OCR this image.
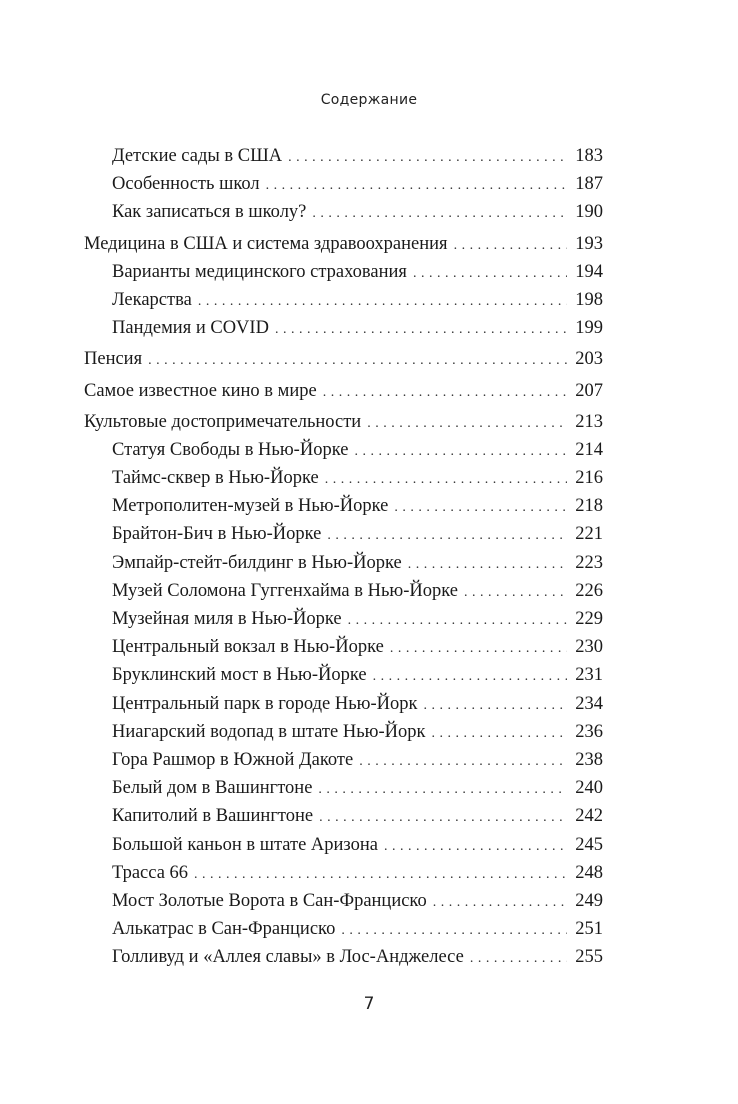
Содержание
Детские сады в США . . .	183
Особенность школ . . .	187
Как записаться в школу? . . .	190
Медицина в США и система здравоохранения . . .	193
Варианты медицинского страхования . . .	194
Лекарства . . .	198
Пандемия и COVID . . .	199
Пенсия . . .	203
Самое известное кино в мире . . .	207
Культовые достопримечательности . . .	213
Статуя Свободы в Нью-Йорке . . .	214
Таймс-сквер в Нью-Йорке . . .	216
Метрополитен-музей в Нью-Йорке . . .	218
Брайтон-Бич в Нью-Йорке . . .	221
Эмпайр-стейт-билдинг в Нью-Йорке . . .	223
Музей Соломона Гуггенхайма в Нью-Йорке . . .	226
Музейная миля в Нью-Йорке . . .	229
Центральный вокзал в Нью-Йорке . . .	230
Бруклинский мост в Нью-Йорке . . .	231
Центральный парк в городе Нью-Йорк . . .	234
Ниагарский водопад в штате Нью-Йорк . . .	236
Гора Рашмор в Южной Дакоте . . .	238
Белый дом в Вашингтоне . . .	240
Капитолий в Вашингтоне . . .	242
Большой каньон в штате Аризона . . .	245
Трасса 66 . . .	248
Мост Золотые Ворота в Сан-Франциско . . .	249
Алькатрас в Сан-Франциско . . .	251
Голливуд и «Аллея славы» в Лос-Анджелесе . . .	255
7
